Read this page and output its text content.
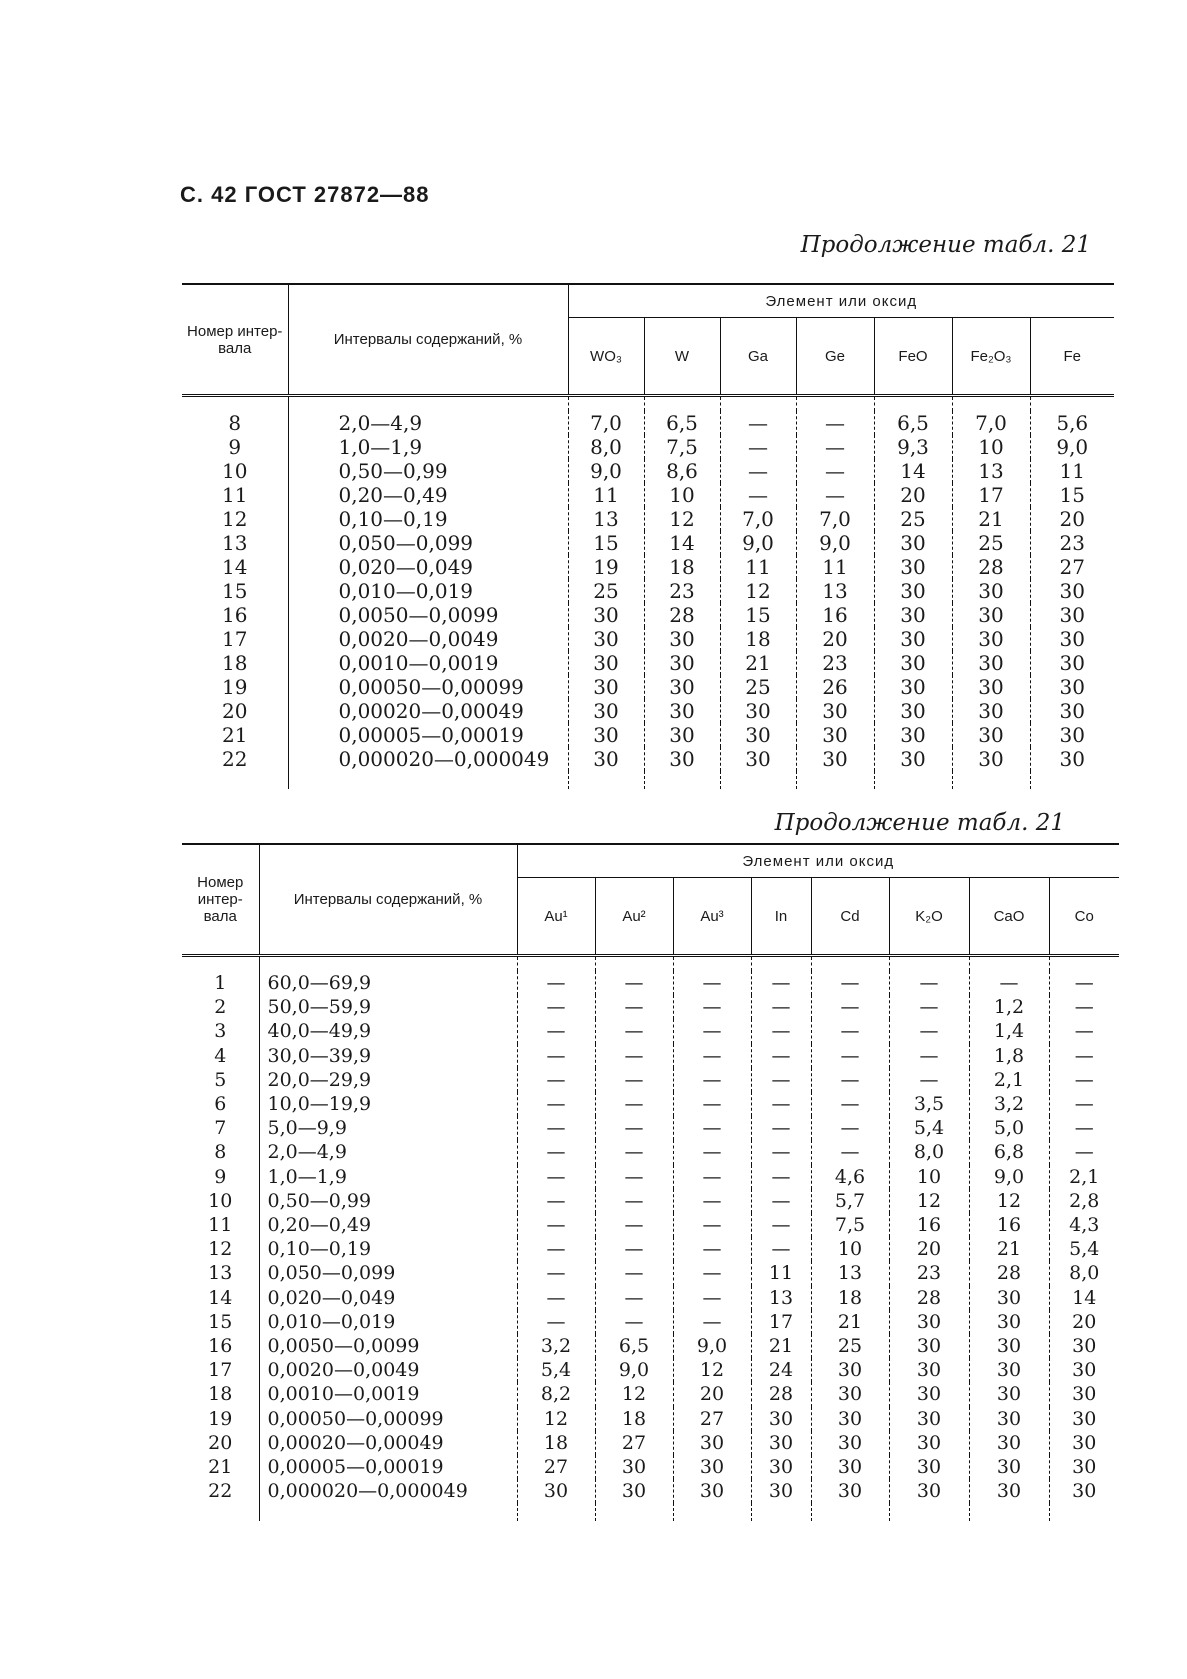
С. 42 ГОСТ 27872—88
Продолжение табл. 21
Номер интер-вала	Интервалы содержаний, %	Элемент или оксид						
		WO₃	W	Ga	Ge	FeO	Fe₂O₃	Fe

8	2,0—4,9	7,0	6,5	—	—	6,5	7,0	5,6
9	1,0—1,9	8,0	7,5	—	—	9,3	10	9,0
10	0,50—0,99	9,0	8,6	—	—	14	13	11
11	0,20—0,49	11	10	—	—	20	17	15
12	0,10—0,19	13	12	7,0	7,0	25	21	20
13	0,050—0,099	15	14	9,0	9,0	30	25	23
14	0,020—0,049	19	18	11	11	30	28	27
15	0,010—0,019	25	23	12	13	30	30	30
16	0,0050—0,0099	30	28	15	16	30	30	30
17	0,0020—0,0049	30	30	18	20	30	30	30
18	0,0010—0,0019	30	30	21	23	30	30	30
19	0,00050—0,00099	30	30	25	26	30	30	30
20	0,00020—0,00049	30	30	30	30	30	30	30
21	0,00005—0,00019	30	30	30	30	30	30	30
22	0,000020—0,000049	30	30	30	30	30	30	30

Продолжение табл. 21
Номер интер-вала	Интервалы содержаний, %	Элемент или оксид							
		Au¹	Au²	Au³	In	Cd	K₂O	CaO	Co

1	60,0—69,9	—	—	—	—	—	—	—	—
2	50,0—59,9	—	—	—	—	—	—	1,2	—
3	40,0—49,9	—	—	—	—	—	—	1,4	—
4	30,0—39,9	—	—	—	—	—	—	1,8	—
5	20,0—29,9	—	—	—	—	—	—	2,1	—
6	10,0—19,9	—	—	—	—	—	3,5	3,2	—
7	5,0—9,9	—	—	—	—	—	5,4	5,0	—
8	2,0—4,9	—	—	—	—	—	8,0	6,8	—
9	1,0—1,9	—	—	—	—	4,6	10	9,0	2,1
10	0,50—0,99	—	—	—	—	5,7	12	12	2,8
11	0,20—0,49	—	—	—	—	7,5	16	16	4,3
12	0,10—0,19	—	—	—	—	10	20	21	5,4
13	0,050—0,099	—	—	—	11	13	23	28	8,0
14	0,020—0,049	—	—	—	13	18	28	30	14
15	0,010—0,019	—	—	—	17	21	30	30	20
16	0,0050—0,0099	3,2	6,5	9,0	21	25	30	30	30
17	0,0020—0,0049	5,4	9,0	12	24	30	30	30	30
18	0,0010—0,0019	8,2	12	20	28	30	30	30	30
19	0,00050—0,00099	12	18	27	30	30	30	30	30
20	0,00020—0,00049	18	27	30	30	30	30	30	30
21	0,00005—0,00019	27	30	30	30	30	30	30	30
22	0,000020—0,000049	30	30	30	30	30	30	30	30
